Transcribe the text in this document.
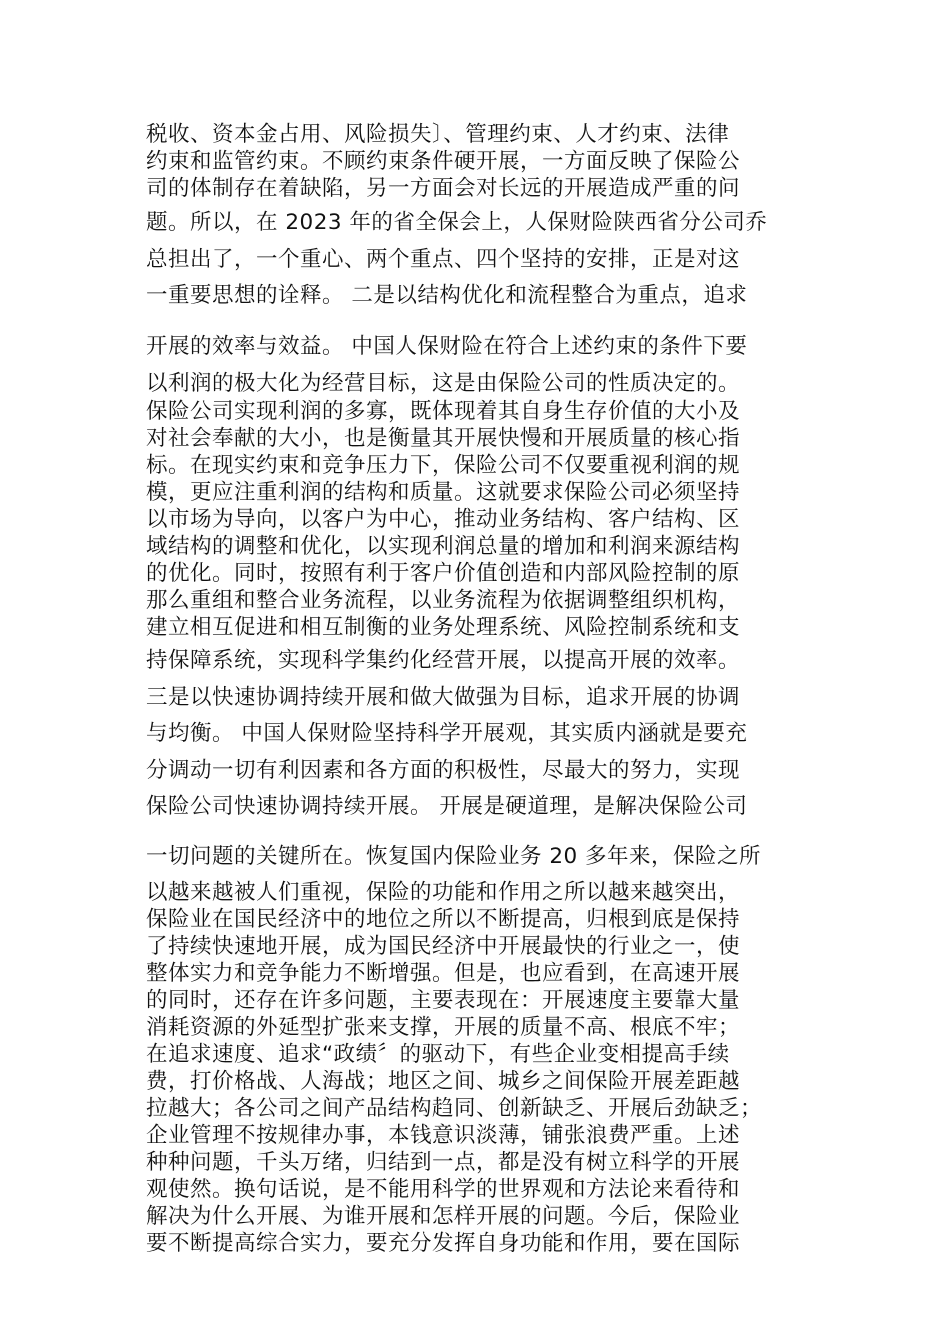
税收、资本金占用、风险损失〕、管理约束、人才约束、法律

约束和监管约束。不顾约束条件硬开展，一方面反映了保险公

司的体制存在着缺陷，另一方面会对长远的开展造成严重的问

题。所以，在 2023 年的省全保会上，人保财险陕西省分公司乔

总担出了，一个重心、两个重点、四个坚持的安排，正是对这

一重要思想的诠释。 二是以结构优化和流程整合为重点，追求

开展的效率与效益。 中国人保财险在符合上述约束的条件下要

以利润的极大化为经营目标，这是由保险公司的性质决定的。

保险公司实现利润的多寡，既体现着其自身生存价值的大小及

对社会奉献的大小，也是衡量其开展快慢和开展质量的核心指

标。在现实约束和竞争压力下，保险公司不仅要重视利润的规

模，更应注重利润的结构和质量。这就要求保险公司必须坚持

以市场为导向，以客户为中心，推动业务结构、客户结构、区

域结构的调整和优化，以实现利润总量的增加和利润来源结构

的优化。同时，按照有利于客户价值创造和内部风险控制的原

那么重组和整合业务流程，以业务流程为依据调整组织机构，

建立相互促进和相互制衡的业务处理系统、风险控制系统和支

持保障系统，实现科学集约化经营开展，以提高开展的效率。

三是以快速协调持续开展和做大做强为目标，追求开展的协调

与均衡。 中国人保财险坚持科学开展观，其实质内涵就是要充

分调动一切有利因素和各方面的积极性，尽最大的努力，实现

保险公司快速协调持续开展。 开展是硬道理，是解决保险公司

一切问题的关键所在。恢复国内保险业务 20 多年来，保险之所

以越来越被人们重视，保险的功能和作用之所以越来越突出，

保险业在国民经济中的地位之所以不断提高，归根到底是保持

了持续快速地开展，成为国民经济中开展最快的行业之一，使

整体实力和竞争能力不断增强。但是，也应看到，在高速开展

的同时，还存在许多问题，主要表现在：开展速度主要靠大量

消耗资源的外延型扩张来支撑，开展的质量不高、根底不牢；

在追求速度、追求“政绩〞的驱动下，有些企业变相提高手续

费，打价格战、人海战；地区之间、城乡之间保险开展差距越

拉越大；各公司之间产品结构趋同、创新缺乏、开展后劲缺乏；

企业管理不按规律办事，本钱意识淡薄，铺张浪费严重。上述

种种问题，千头万绪，归结到一点，都是没有树立科学的开展

观使然。换句话说，是不能用科学的世界观和方法论来看待和

解决为什么开展、为谁开展和怎样开展的问题。今后，保险业

要不断提高综合实力，要充分发挥自身功能和作用，要在国际
